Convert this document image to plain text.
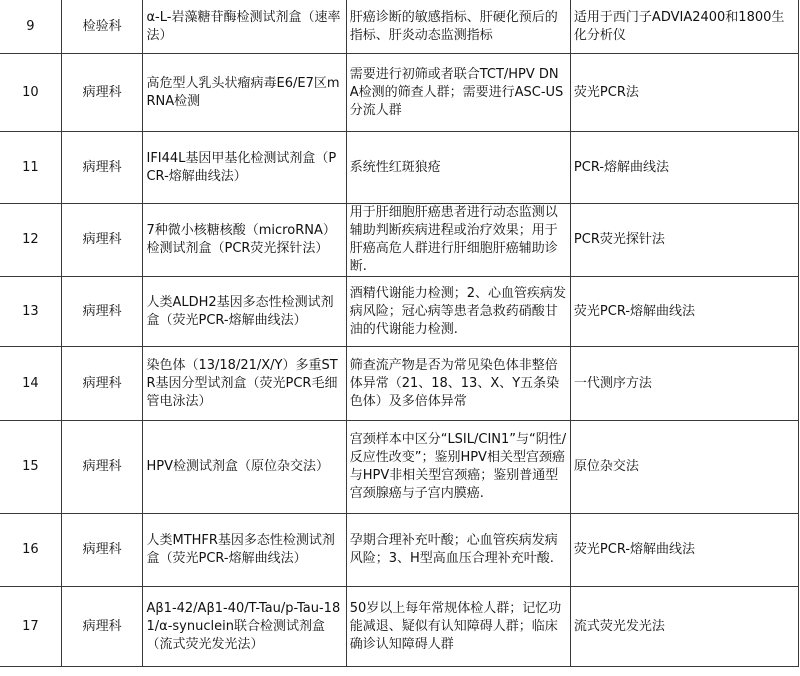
9	检验科	α-L-岩藻糖苷酶检测试剂盒（速率法）	肝癌诊断的敏感指标、肝硬化预后的指标、肝炎动态监测指标	适用于西门子ADVIA2400和1800生化分析仪
10	病理科	高危型人乳头状瘤病毒E6/E7区mRNA检测	需要进行初筛或者联合TCT/HPV DNA检测的筛查人群；需要进行ASC-US分流人群	荧光PCR法
11	病理科	IFI44L基因甲基化检测试剂盒（PCR-熔解曲线法）	系统性红斑狼疮	PCR-熔解曲线法
12	病理科	7种微小核糖核酸（microRNA）检测试剂盒（PCR荧光探针法）	用于肝细胞肝癌患者进行动态监测以辅助判断疾病进程或治疗效果；用于肝癌高危人群进行肝细胞肝癌辅助诊断.	PCR荧光探针法
13	病理科	人类ALDH2基因多态性检测试剂盒（荧光PCR-熔解曲线法）	酒精代谢能力检测；2、心血管疾病发病风险；冠心病等患者急救药硝酸甘油的代谢能力检测.	荧光PCR-熔解曲线法
14	病理科	染色体（13/18/21/X/Y）多重STR基因分型试剂盒（荧光PCR毛细管电泳法）	筛查流产物是否为常见染色体非整倍体异常（21、18、13、X、Y五条染色体）及多倍体异常	一代测序方法
15	病理科	HPV检测试剂盒（原位杂交法）	宫颈样本中区分“LSIL/CIN1”与“阴性/反应性改变”；鉴别HPV相关型宫颈癌与HPV非相关型宫颈癌；鉴别普通型宫颈腺癌与子宫内膜癌.	原位杂交法
16	病理科	人类MTHFR基因多态性检测试剂盒（荧光PCR-熔解曲线法）	孕期合理补充叶酸；心血管疾病发病风险；3、H型高血压合理补充叶酸.	荧光PCR-熔解曲线法
17	病理科	Aβ1-42/Aβ1-40/T-Tau/p-Tau-181/α-synuclein联合检测试剂盒（流式荧光发光法）	50岁以上每年常规体检人群；记忆功能减退、疑似有认知障碍人群；临床确诊认知障碍人群	流式荧光发光法
